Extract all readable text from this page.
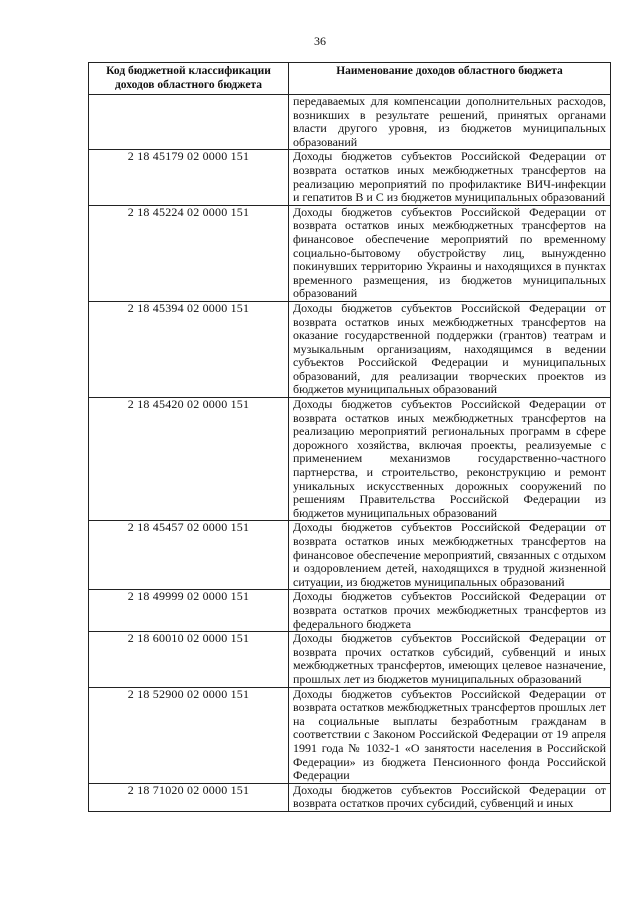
36
Код бюджетной классификации доходов областного бюджета	Наименование доходов областного бюджета
	передаваемых для компенсации дополнительных расходов, возникших в результате решений, принятых органами власти другого уровня, из бюджетов муниципальных образований
2 18 45179 02 0000 151	Доходы бюджетов субъектов Российской Федерации от возврата остатков иных межбюджетных трансфертов на реализацию мероприятий по профилактике ВИЧ-инфекции и гепатитов В и С из бюджетов муниципальных образований
2 18 45224 02 0000 151	Доходы бюджетов субъектов Российской Федерации от возврата остатков иных межбюджетных трансфертов на финансовое обеспечение мероприятий по временному социально-бытовому обустройству лиц, вынужденно покинувших территорию Украины и находящихся в пунктах временного размещения, из бюджетов муниципальных образований
2 18 45394 02 0000 151	Доходы бюджетов субъектов Российской Федерации от возврата остатков иных межбюджетных трансфертов на оказание государственной поддержки (грантов) театрам и музыкальным организациям, находящимся в ведении субъектов Российской Федерации и муниципальных образований, для реализации творческих проектов из бюджетов муниципальных образований
2 18 45420 02 0000 151	Доходы бюджетов субъектов Российской Федерации от возврата остатков иных межбюджетных трансфертов на реализацию мероприятий региональных программ в сфере дорожного хозяйства, включая проекты, реализуемые с применением механизмов государственно-частного партнерства, и строительство, реконструкцию и ремонт уникальных искусственных дорожных сооружений по решениям Правительства Российской Федерации из бюджетов муниципальных образований
2 18 45457 02 0000 151	Доходы бюджетов субъектов Российской Федерации от возврата остатков иных межбюджетных трансфертов на финансовое обеспечение мероприятий, связанных с отдыхом и оздоровлением детей, находящихся в трудной жизненной ситуации, из бюджетов муниципальных образований
2 18 49999 02 0000 151	Доходы бюджетов субъектов Российской Федерации от возврата остатков прочих межбюджетных трансфертов из федерального бюджета
2 18 60010 02 0000 151	Доходы бюджетов субъектов Российской Федерации от возврата прочих остатков субсидий, субвенций и иных межбюджетных трансфертов, имеющих целевое назначение, прошлых лет из бюджетов муниципальных образований
2 18 52900 02 0000 151	Доходы бюджетов субъектов Российской Федерации от возврата остатков межбюджетных трансфертов прошлых лет на социальные выплаты безработным гражданам в соответствии с Законом Российской Федерации от 19 апреля 1991 года № 1032-1 «О занятости населения в Российской Федерации» из бюджета Пенсионного фонда Российской Федерации
2 18 71020 02 0000 151	Доходы бюджетов субъектов Российской Федерации от возврата остатков прочих субсидий, субвенций и иных
